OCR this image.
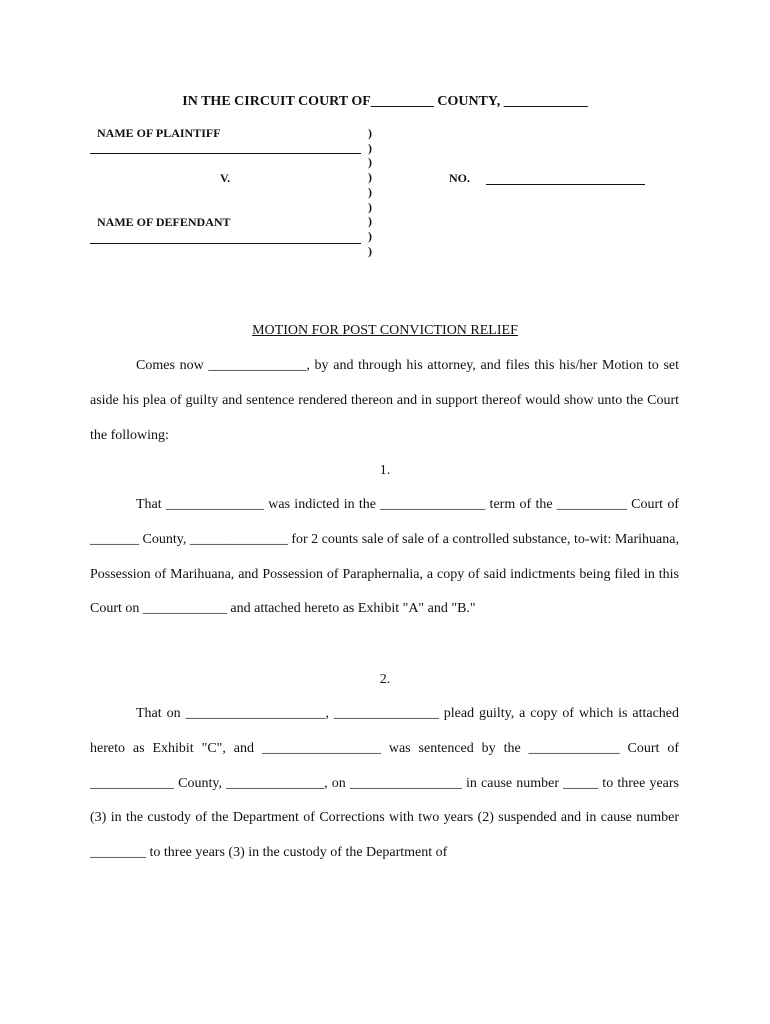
IN THE CIRCUIT COURT OF_________ COUNTY, ____________
NAME OF PLAINTIFF
V.
NAME OF DEFENDANT
)
)
)
)
)
)
)
)
)
NO.
MOTION FOR POST CONVICTION RELIEF
Comes now ______________, by and through his attorney, and files this his/her Motion to set aside his plea of guilty and sentence rendered thereon and in support thereof would show unto the Court the following:
1.
That ______________ was indicted in the _______________ term of the __________ Court of _______ County, ______________ for 2 counts sale of sale of a controlled substance, to-wit: Marihuana, Possession of Marihuana, and Possession of Paraphernalia, a copy of said indictments being filed in this Court on ____________ and attached hereto as Exhibit "A" and "B."
2.
That on ____________________, _______________ plead guilty, a copy of which is attached hereto as Exhibit "C", and _________________ was sentenced by the _____________ Court of ____________ County, ______________, on ________________ in cause number _____ to three years (3) in the custody of the Department of Corrections with two years (2) suspended and in cause number ________ to three years (3) in the custody of the Department of
